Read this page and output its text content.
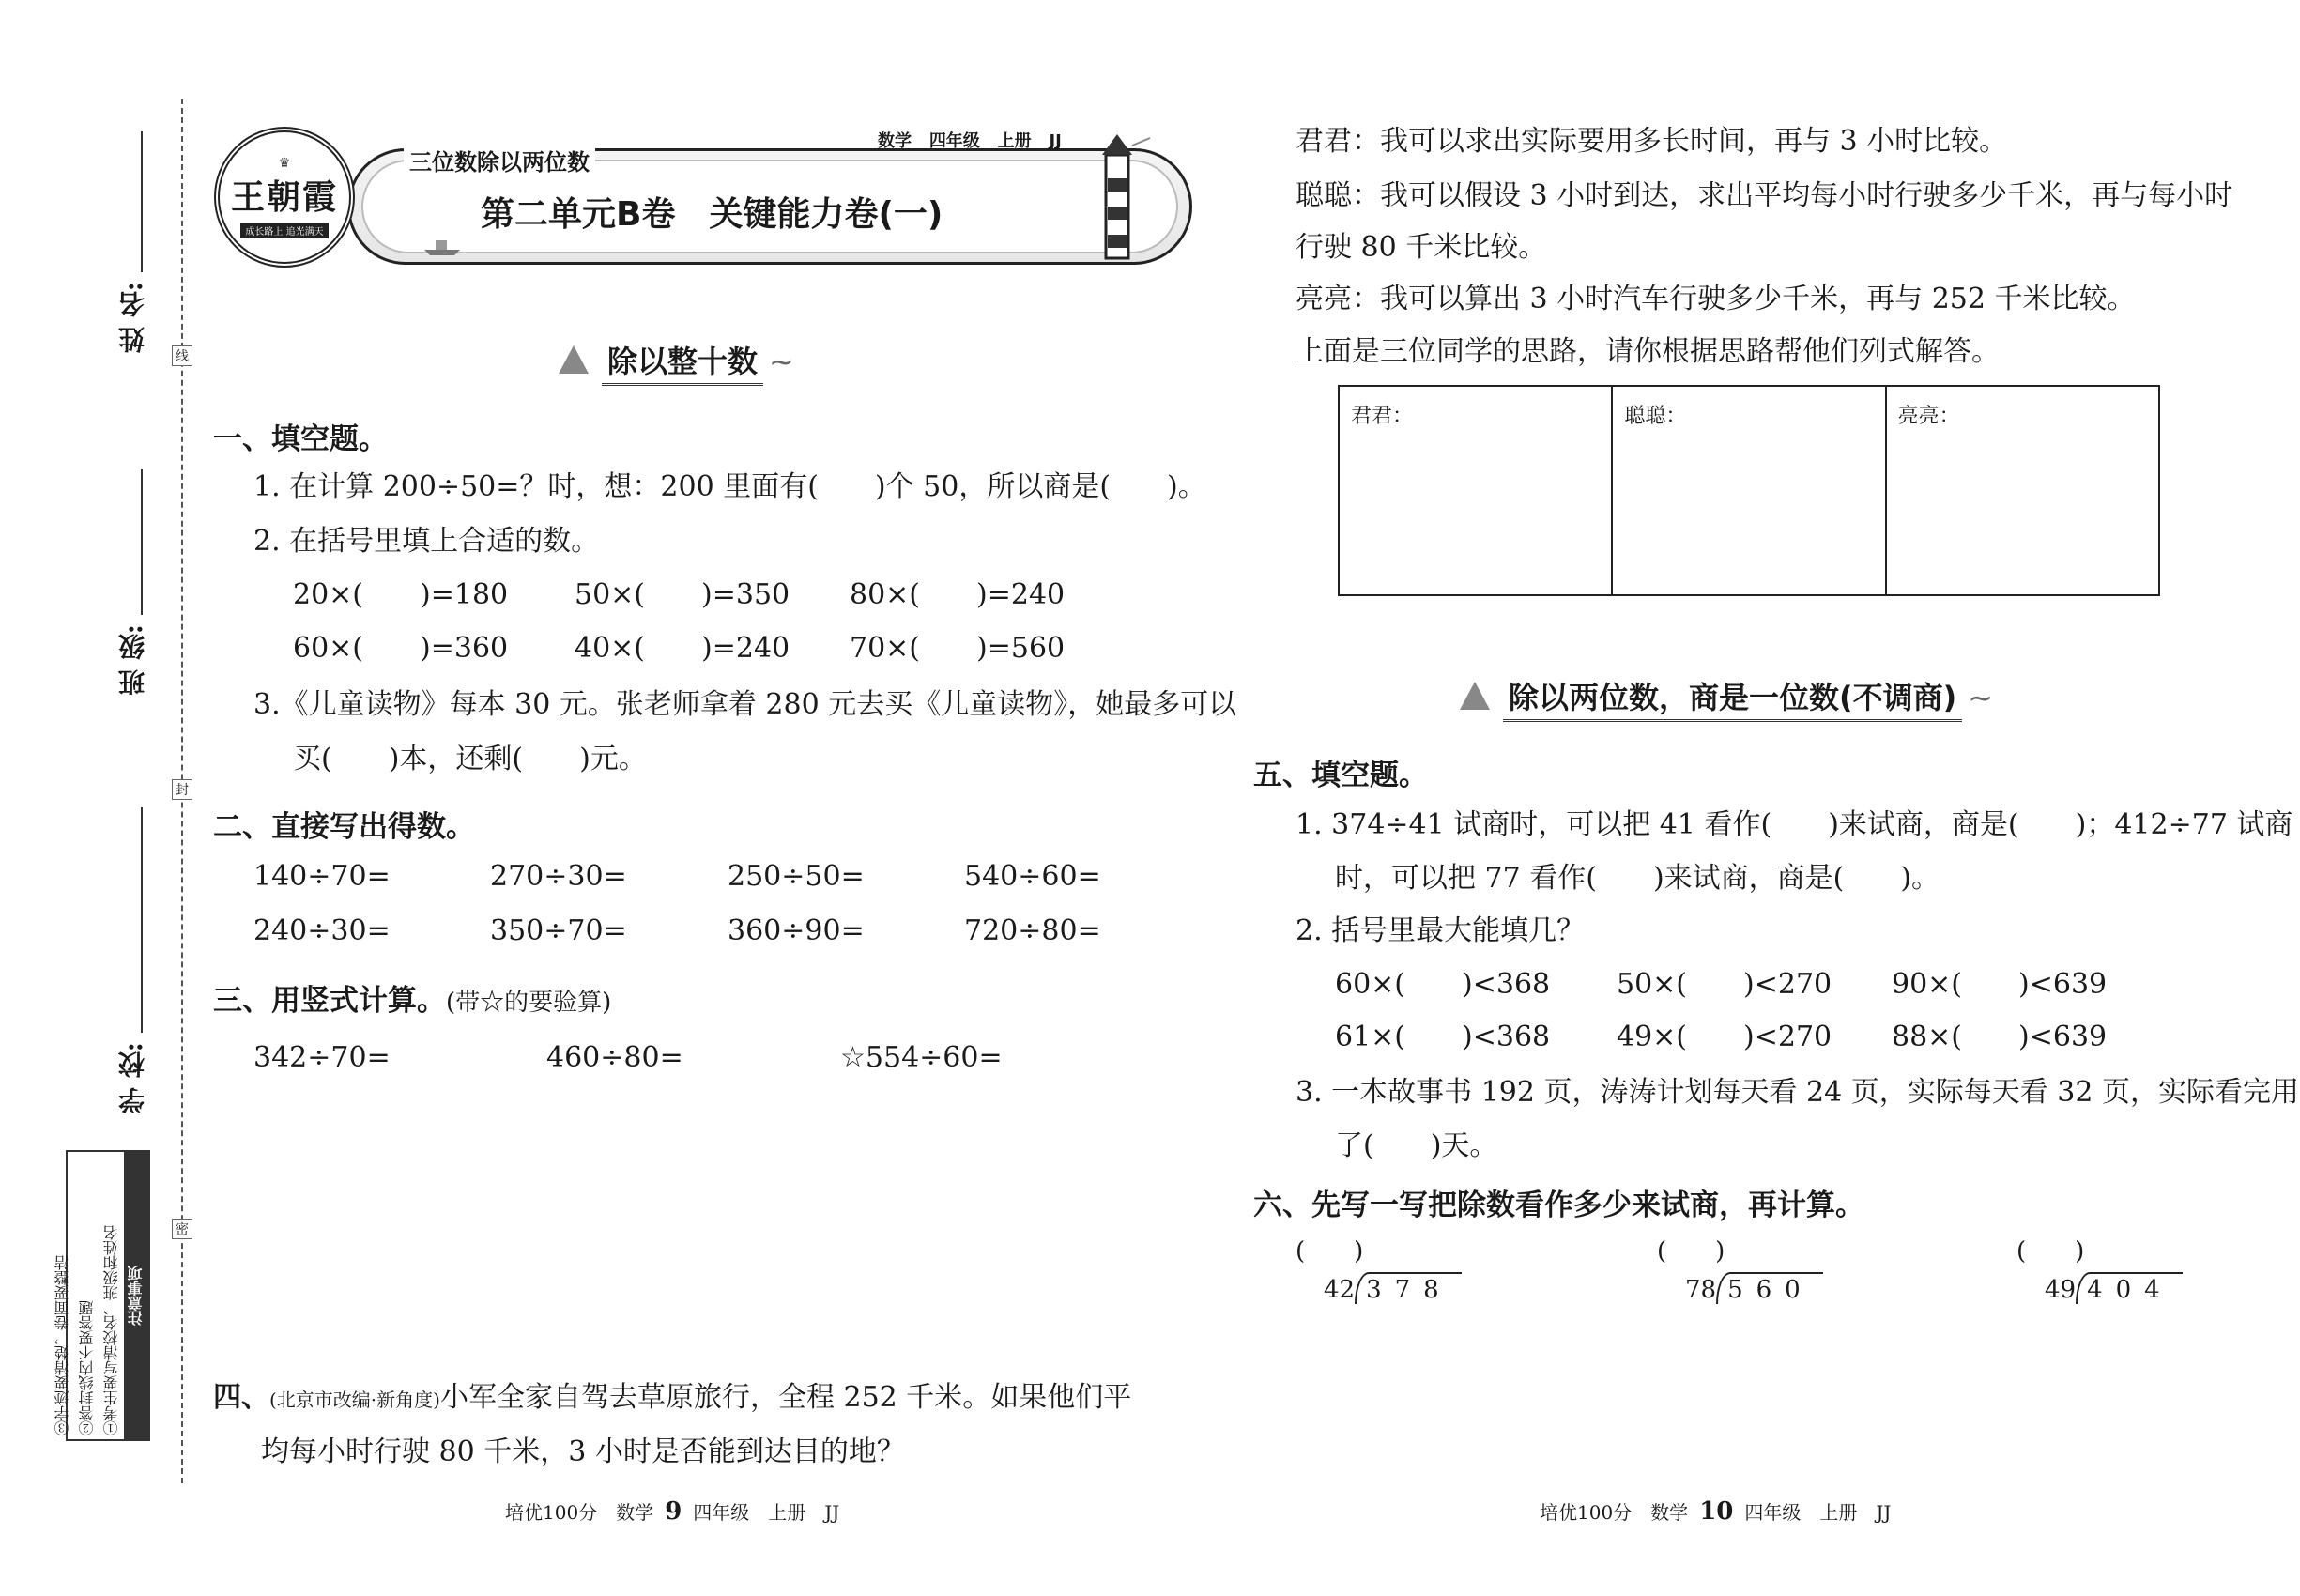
姓 名:
班 级:
学 校:
线
封
密
注意事项
①考生要写清校名、班级和姓名
②答封线内不要答题
③字迹要清楚，卷面要整洁
♛
王朝霞
成长路上 追光满天
三位数除以两位数
数学 四年级 上册 JJ
第二单元B卷　关键能力卷(一)
除以整十数 ~
一、填空题。
1. 在计算 200÷50=？时，想：200 里面有(　　)个 50，所以商是(　　)。
2. 在括号里填上合适的数。
20×(　　)=180 50×(　　)=350 80×(　　)=240
60×(　　)=360 40×(　　)=240 70×(　　)=560
3.《儿童读物》每本 30 元。张老师拿着 280 元去买《儿童读物》，她最多可以
买(　　)本，还剩(　　)元。
二、直接写出得数。
140÷70=	270÷30=	250÷50=	540÷60=
240÷30=	350÷70=	360÷90=	720÷80=
三、用竖式计算。(带☆的要验算)
342÷70=	460÷80=	☆554÷60=
四、(北京市改编·新角度)小军全家自驾去草原旅行，全程 252 千米。如果他们平
均每小时行驶 80 千米，3 小时是否能到达目的地？
培优100分　数学 9 四年级　上册　JJ
君君：我可以求出实际要用多长时间，再与 3 小时比较。
聪聪：我可以假设 3 小时到达，求出平均每小时行驶多少千米，再与每小时
行驶 80 千米比较。
亮亮：我可以算出 3 小时汽车行驶多少千米，再与 252 千米比较。
上面是三位同学的思路，请你根据思路帮他们列式解答。
君君：	聪聪：	亮亮：
除以两位数，商是一位数(不调商) ~
五、填空题。
1. 374÷41 试商时，可以把 41 看作(　　)来试商，商是(　　)；412÷77 试商
时，可以把 77 看作(　　)来试商，商是(　　)。
2. 括号里最大能填几？
60×(　　)<368 50×(　　)<270 90×(　　)<639
61×(　　)<368 49×(　　)<270 88×(　　)<639
3. 一本故事书 192 页，涛涛计划每天看 24 页，实际每天看 32 页，实际看完用
了(　　)天。
六、先写一写把除数看作多少来试商，再计算。
(　　)
42 378
(　　)
78 560
(　　)
49 404
培优100分　数学 10 四年级　上册　JJ
